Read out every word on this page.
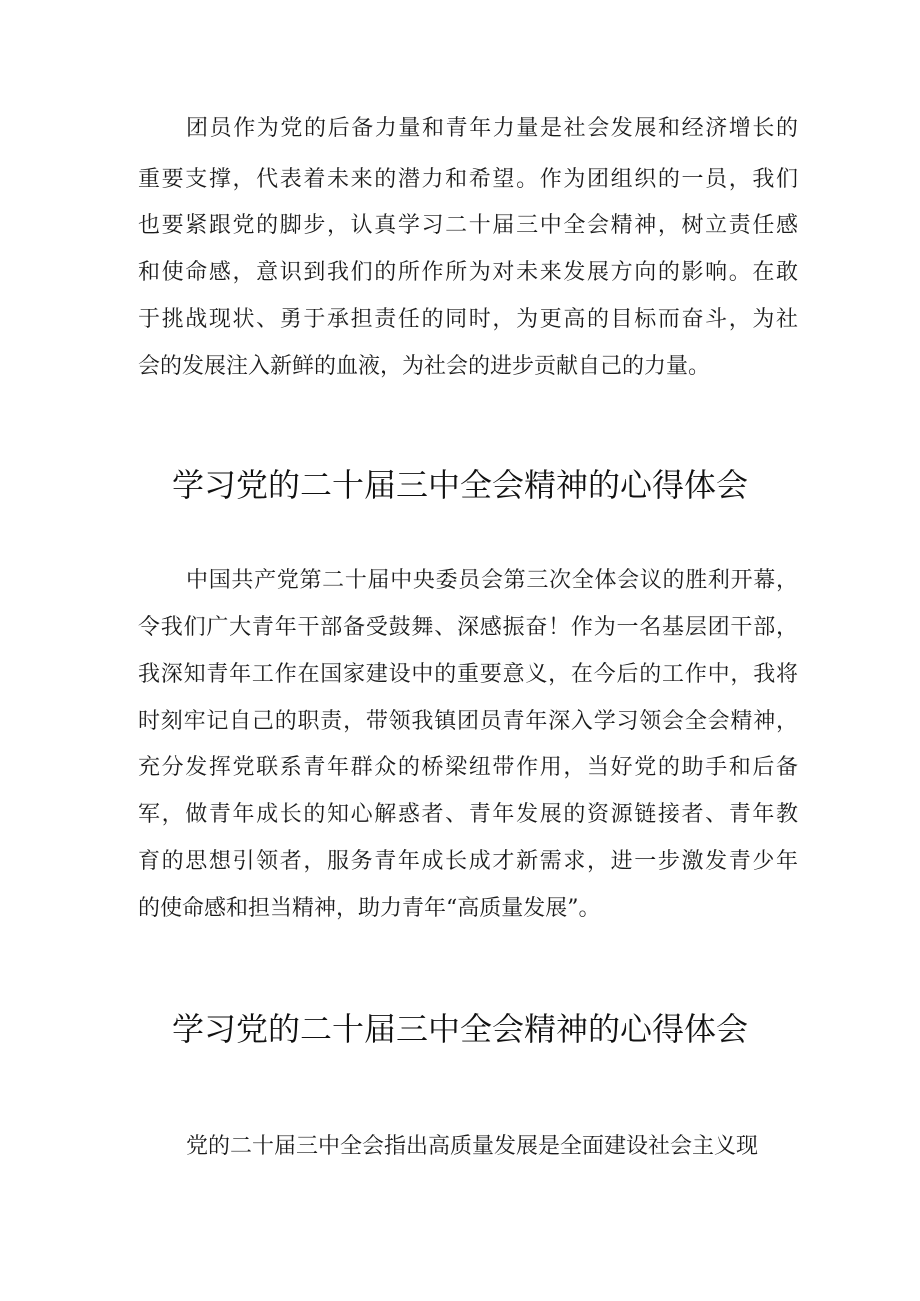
团员作为党的后备力量和青年力量是社会发展和经济增长的
重要支撑，代表着未来的潜力和希望。作为团组织的一员，我们
也要紧跟党的脚步，认真学习二十届三中全会精神，树立责任感
和使命感，意识到我们的所作所为对未来发展方向的影响。在敢
于挑战现状、勇于承担责任的同时，为更高的目标而奋斗，为社
会的发展注入新鲜的血液，为社会的进步贡献自己的力量。
学习党的二十届三中全会精神的心得体会
中国共产党第二十届中央委员会第三次全体会议的胜利开幕，
令我们广大青年干部备受鼓舞、深感振奋！作为一名基层团干部，
我深知青年工作在国家建设中的重要意义，在今后的工作中，我将
时刻牢记自己的职责，带领我镇团员青年深入学习领会全会精神，
充分发挥党联系青年群众的桥梁纽带作用，当好党的助手和后备
军，做青年成长的知心解惑者、青年发展的资源链接者、青年教
育的思想引领者，服务青年成长成才新需求，进一步激发青少年
的使命感和担当精神，助力青年“高质量发展”。
学习党的二十届三中全会精神的心得体会
党的二十届三中全会指出高质量发展是全面建设社会主义现
